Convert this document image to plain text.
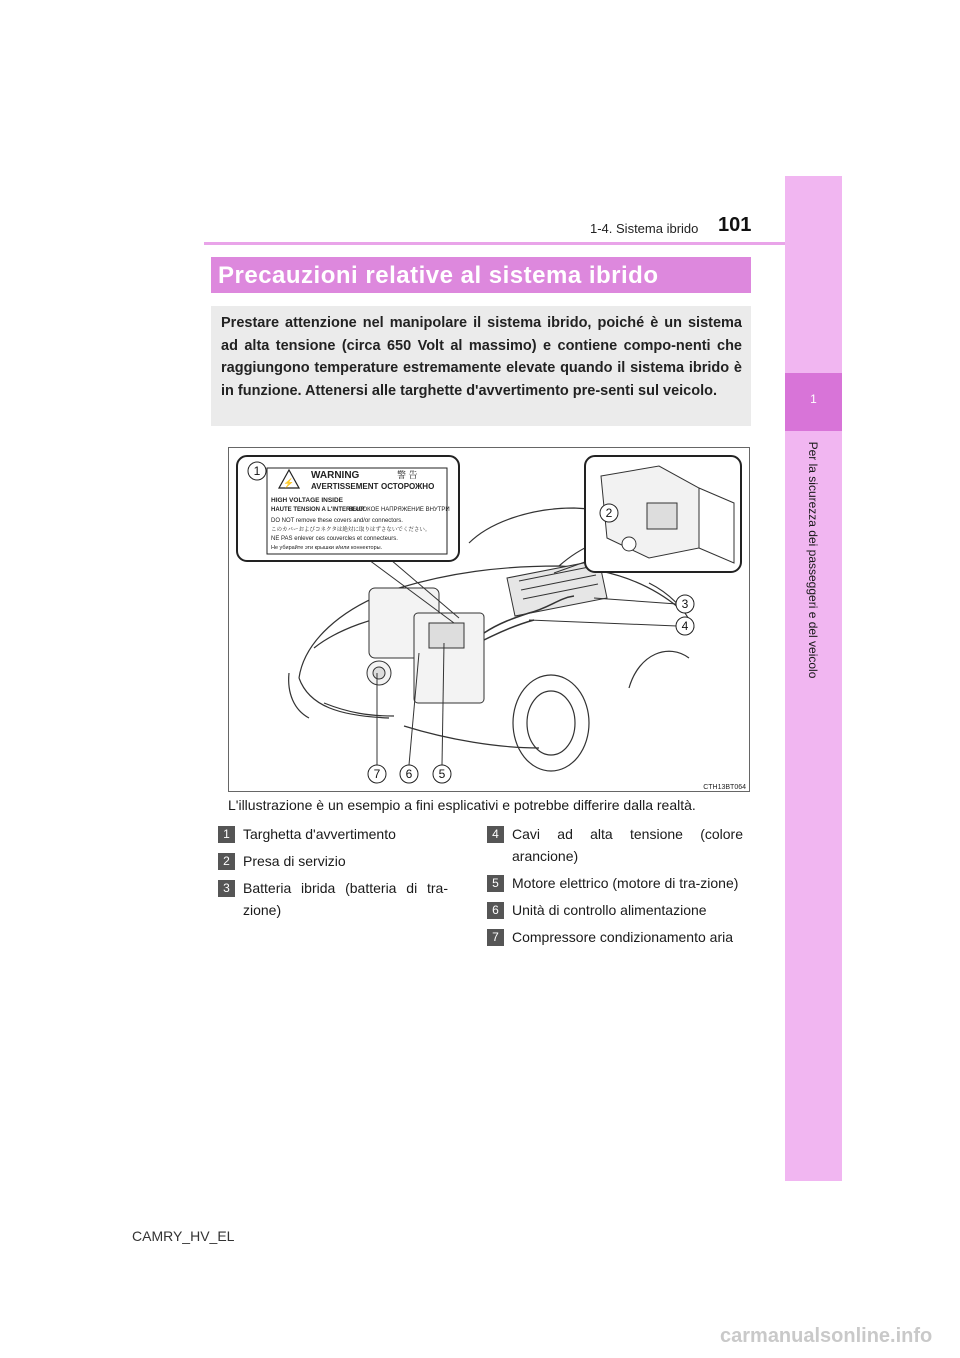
1
Per la sicurezza dei passeggeri e del veicolo
1-4. Sistema ibrido 101
Precauzioni relative al sistema ibrido
Prestare attenzione nel manipolare il sistema ibrido, poiché è un sistema ad alta tensione (circa 650 Volt al massimo) e contiene compo-nenti che raggiungono temperature estremamente elevate quando il sistema ibrido è in funzione. Attenersi alle targhette d'avvertimento pre-senti sul veicolo.
⚡
WARNING	警 告
AVERTISSEMENT ОСТОРОЖНО
HIGH VOLTAGE INSIDE
HAUTE TENSION A L'INTERIEUR
ВЫСОКОЕ НАПРЯЖЕНИЕ ВНУТРИ
DO NOT remove these covers and/or connectors.
このカバーおよびコネクタは絶対に取りはずさないでください。
NE PAS enlever ces couvercles et connecteurs.
Не убирайте эти крышки и/или коннекторы.
1
2
3
4
5
6
7
CTH13BT064
L'illustrazione è un esempio a fini esplicativi e potrebbe differire dalla realtà.
1 Targhetta d'avvertimento
2 Presa di servizio
3 Batteria ibrida (batteria di tra-zione)
4 Cavi ad alta tensione (colore arancione)
5 Motore elettrico (motore di tra-zione)
6 Unità di controllo alimentazione
7 Compressore condizionamento aria
CAMRY_HV_EL
carmanualsonline.info
